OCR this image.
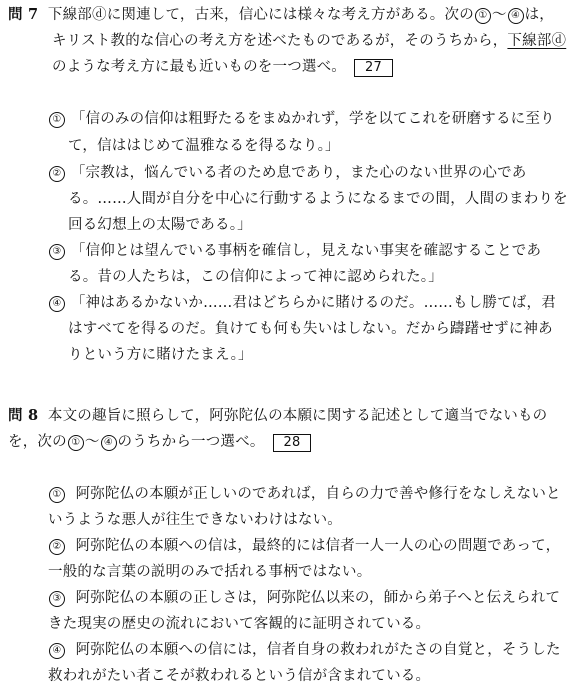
問 7 下線部ⓓに関連して，古来，信心には様々な考え方がある。次の ① ～ ④ は，
キリスト教的な信心の考え方を述べたものであるが，そのうちから，下線部ⓓ
のような考え方に最も近いものを一つ選べ。 27
① 「信のみの信仰は粗野たるをまぬかれず，学を以てこれを研磨するに至り
て，信ははじめて温雅なるを得るなり。」
② 「宗教は，悩んでいる者のため息であり，また心のない世界の心であ
る。……人間が自分を中心に行動するようになるまでの間，人間のまわりを
回る幻想上の太陽である。」
③ 「信仰とは望んでいる事柄を確信し，見えない事実を確認することであ
る。昔の人たちは，この信仰によって神に認められた。」
④ 「神はあるかないか……君はどちらかに賭けるのだ。……もし勝てば，君
はすべてを得るのだ。負けても何も失いはしない。だから躊躇せずに神あ
りという方に賭けたまえ。」
問 8 本文の趣旨に照らして，阿弥陀仏の本願に関する記述として適当でないもの
を，次の ① ～ ④ のうちから一つ選べ。 28
① 阿弥陀仏の本願が正しいのであれば，自らの力で善や修行をなしえないと
いうような悪人が往生できないわけはない。
② 阿弥陀仏の本願への信は，最終的には信者一人一人の心の問題であって，
一般的な言葉の説明のみで括れる事柄ではない。
③ 阿弥陀仏の本願の正しさは，阿弥陀仏以来の，師から弟子へと伝えられて
きた現実の歴史の流れにおいて客観的に証明されている。
④ 阿弥陀仏の本願への信には，信者自身の救われがたさの自覚と，そうした
救われがたい者こそが救われるという信が含まれている。
